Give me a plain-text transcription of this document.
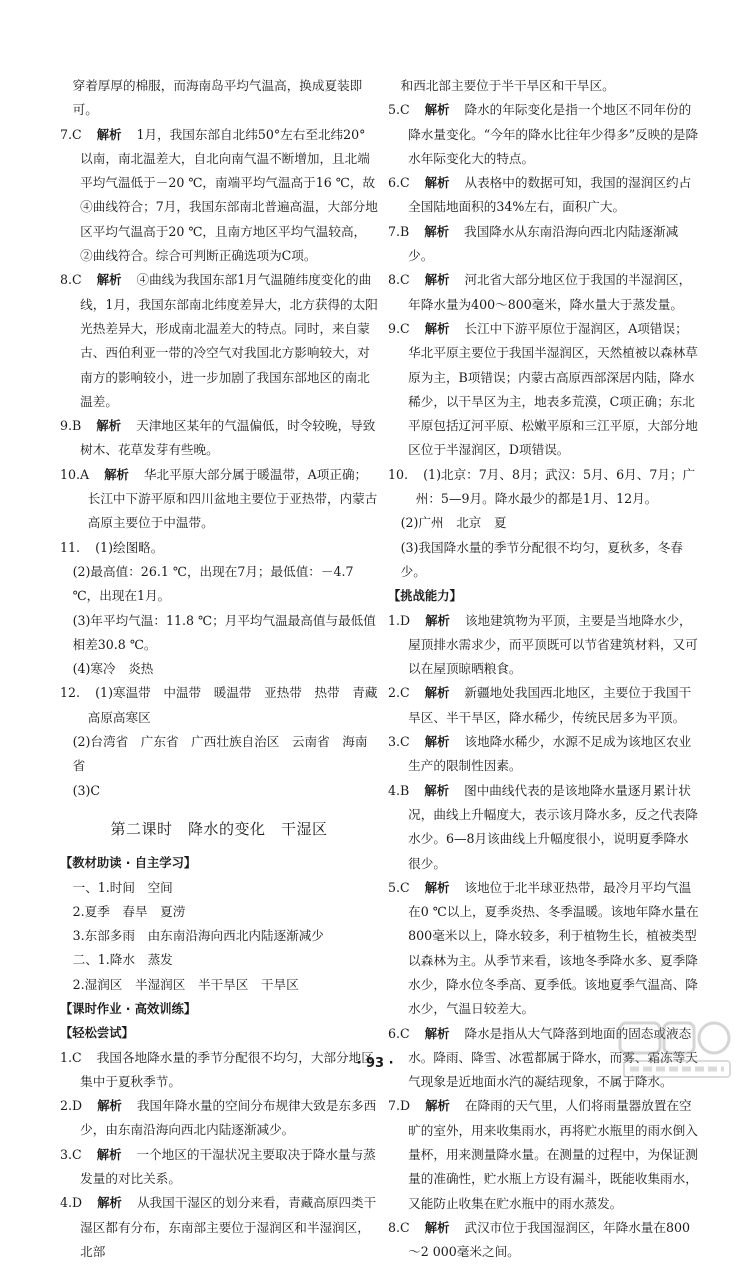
穿着厚厚的棉服，而海南岛平均气温高，换成夏装即可。

7.C 解析 1月，我国东部自北纬50°左右至北纬20°以南，南北温差大，自北向南气温不断增加，且北端平均气温低于－20 ℃，南端平均气温高于16 ℃，故④曲线符合；7月，我国东部南北普遍高温，大部分地区平均气温高于20 ℃，且南方地区平均气温较高，②曲线符合。综合可判断正确选项为C项。

8.C 解析 ④曲线为我国东部1月气温随纬度变化的曲线，1月，我国东部南北纬度差异大，北方获得的太阳光热差异大，形成南北温差大的特点。同时，来自蒙古、西伯利亚一带的冷空气对我国北方影响较大，对南方的影响较小，进一步加剧了我国东部地区的南北温差。

9.B 解析 天津地区某年的气温偏低，时令较晚，导致树木、花草发芽有些晚。

10.A 解析 华北平原大部分属于暖温带，A项正确；长江中下游平原和四川盆地主要位于亚热带，内蒙古高原主要位于中温带。

11. (1)绘图略。

(2)最高值：26.1 ℃，出现在7月；最低值：－4.7 ℃，出现在1月。

(3)年平均气温：11.8 ℃；月平均气温最高值与最低值相差30.8 ℃。

(4)寒冷　炎热

12. (1)寒温带　中温带　暖温带　亚热带　热带　青藏高原高寒区

(2)台湾省　广东省　广西壮族自治区　云南省　海南省

(3)C

第二课时　降水的变化　干湿区

【教材助读 · 自主学习】

一、1.时间　空间

2.夏季　春旱　夏涝

3.东部多雨　由东南沿海向西北内陆逐渐减少

二、1.降水　蒸发

2.湿润区　半湿润区　半干旱区　干旱区

【课时作业 · 高效训练】

【轻松尝试】

1.C 我国各地降水量的季节分配很不均匀，大部分地区集中于夏秋季节。

2.D 解析 我国年降水量的空间分布规律大致是东多西少，由东南沿海向西北内陆逐渐减少。

3.C 解析 一个地区的干湿状况主要取决于降水量与蒸发量的对比关系。

4.D 解析 从我国干湿区的划分来看，青藏高原四类干湿区都有分布，东南部主要位于湿润区和半湿润区，北部

和西北部主要位于半干旱区和干旱区。

5.C 解析 降水的年际变化是指一个地区不同年份的降水量变化。“今年的降水比往年少得多”反映的是降水年际变化大的特点。

6.C 解析 从表格中的数据可知，我国的湿润区约占全国陆地面积的34%左右，面积广大。

7.B 解析 我国降水从东南沿海向西北内陆逐渐减少。

8.C 解析 河北省大部分地区位于我国的半湿润区，年降水量为400～800毫米，降水量大于蒸发量。

9.C 解析 长江中下游平原位于湿润区，A项错误；华北平原主要位于我国半湿润区，天然植被以森林草原为主，B项错误；内蒙古高原西部深居内陆，降水稀少，以干旱区为主，地表多荒漠，C项正确；东北平原包括辽河平原、松嫩平原和三江平原，大部分地区位于半湿润区，D项错误。

10. (1)北京：7月、8月；武汉：5月、6月、7月；广州：5—9月。降水最少的都是1月、12月。

(2)广州　北京　夏

(3)我国降水量的季节分配很不均匀，夏秋多，冬春少。

【挑战能力】

1.D 解析 该地建筑物为平顶，主要是当地降水少，屋顶排水需求少，而平顶既可以节省建筑材料，又可以在屋顶晾晒粮食。

2.C 解析 新疆地处我国西北地区，主要位于我国干旱区、半干旱区，降水稀少，传统民居多为平顶。

3.C 解析 该地降水稀少，水源不足成为该地区农业生产的限制性因素。

4.B 解析 图中曲线代表的是该地降水量逐月累计状况，曲线上升幅度大，表示该月降水多，反之代表降水少。6—8月该曲线上升幅度很小，说明夏季降水很少。

5.C 解析 该地位于北半球亚热带，最冷月平均气温在0 ℃以上，夏季炎热、冬季温暖。该地年降水量在800毫米以上，降水较多，利于植物生长，植被类型以森林为主。从季节来看，该地冬季降水多、夏季降水少，降水位冬季高、夏季低。该地夏季气温高、降水少，气温日较差大。

6.C 解析 降水是指从大气降落到地面的固态或液态水。降雨、降雪、冰雹都属于降水，而雾、霜冻等天气现象是近地面水汽的凝结现象，不属于降水。

7.D 解析 在降雨的天气里，人们将雨量器放置在空旷的室外，用来收集雨水，再将贮水瓶里的雨水倒入量杯，用来测量降水量。在测量的过程中，为保证测量的准确性，贮水瓶上方设有漏斗，既能收集雨水，又能防止收集在贮水瓶中的雨水蒸发。

8.C 解析 武汉市位于我国湿润区，年降水量在800～2 000毫米之间。

· 93 ·
